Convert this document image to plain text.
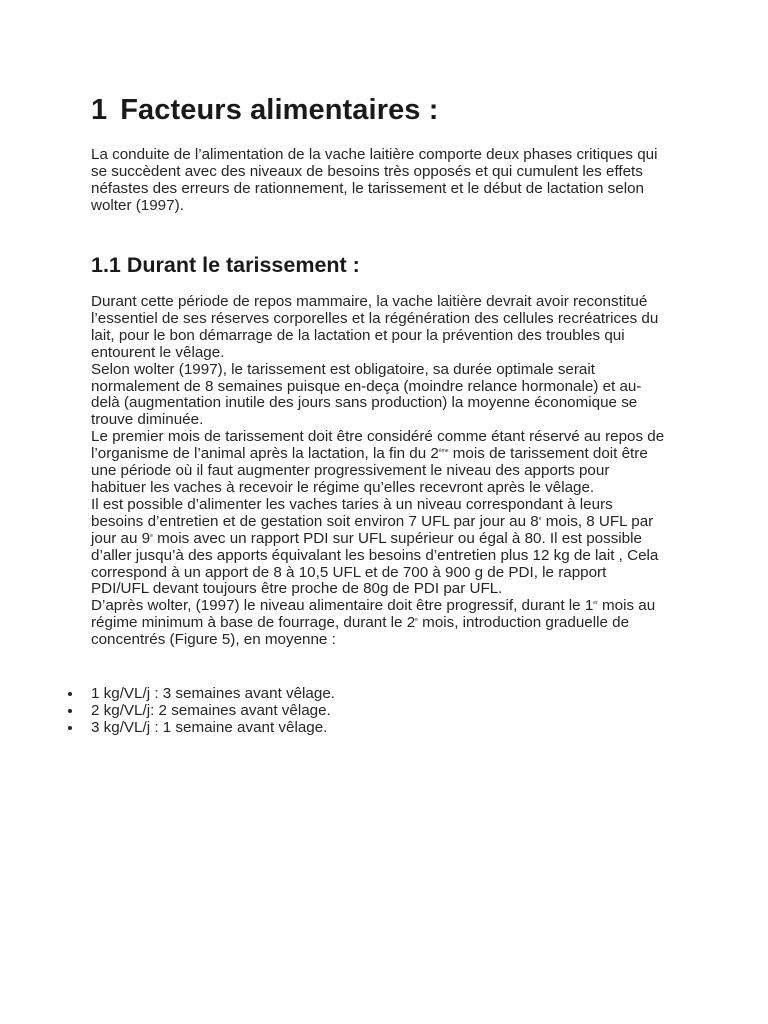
1 Facteurs alimentaires :

La conduite de l’alimentation de la vache laitière comporte deux phases critiques qui
se succèdent avec des niveaux de besoins très opposés et qui cumulent les effets
néfastes des erreurs de rationnement, le tarissement et le début de lactation selon
wolter (1997).

1.1 Durant le tarissement :

Durant cette période de repos mammaire, la vache laitière devrait avoir reconstitué
l’essentiel de ses réserves corporelles et la régénération des cellules recréatrices du
lait, pour le bon démarrage de la lactation et pour la prévention des troubles qui
entourent le vêlage.
Selon wolter (1997), le tarissement est obligatoire, sa durée optimale serait
normalement de 8 semaines puisque en-deça (moindre relance hormonale) et au-
delà (augmentation inutile des jours sans production) la moyenne économique se
trouve diminuée.
Le premier mois de tarissement doit être considéré comme étant réservé au repos de
l’organisme de l’animal après la lactation, la fin du 2ème mois de tarissement doit être
une période où il faut augmenter progressivement le niveau des apports pour
habituer les vaches à recevoir le régime qu’elles recevront après le vêlage.
Il est possible d’alimenter les vaches taries à un niveau correspondant à leurs
besoins d’entretien et de gestation soit environ 7 UFL par jour au 8e mois, 8 UFL par
jour au 9e mois avec un rapport PDI sur UFL supérieur ou égal à 80. Il est possible
d’aller jusqu’à des apports équivalant les besoins d’entretien plus 12 kg de lait , Cela
correspond à un apport de 8 à 10,5 UFL et de 700 à 900 g de PDI, le rapport
PDI/UFL devant toujours être proche de 80g de PDI par UFL.
D’après wolter, (1997) le niveau alimentaire doit être progressif, durant le 1er mois au
régime minimum à base de fourrage, durant le 2e mois, introduction graduelle de
concentrés (Figure 5), en moyenne :

1 kg/VL/j : 3 semaines avant vêlage.
2 kg/VL/j: 2 semaines avant vêlage.
3 kg/VL/j : 1 semaine avant vêlage.
